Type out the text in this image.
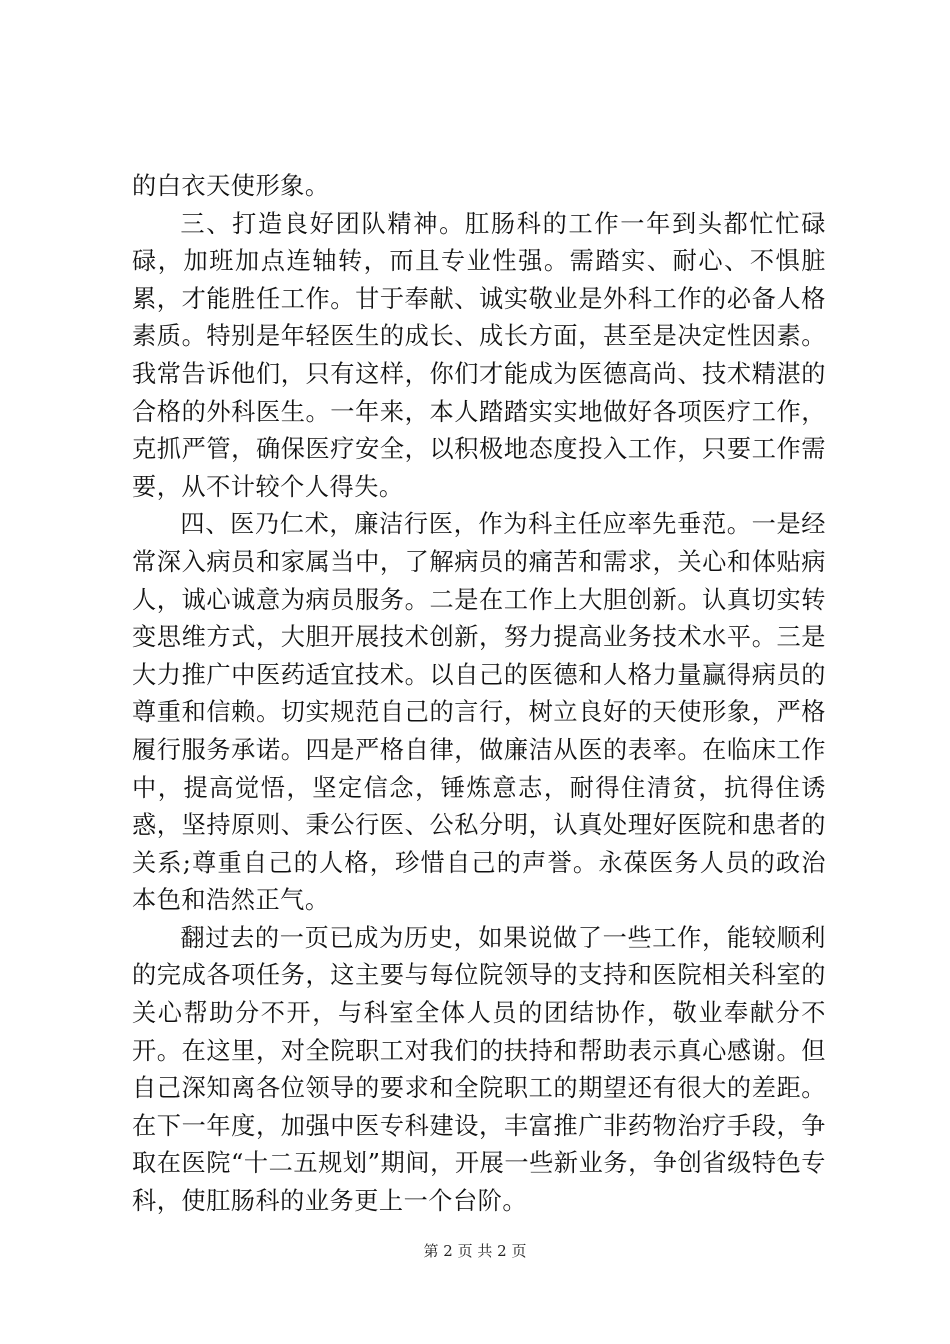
的白衣天使形象。

三、打造良好团队精神。肛肠科的工作一年到头都忙忙碌碌，加班加点连轴转，而且专业性强。需踏实、耐心、不惧脏累，才能胜任工作。甘于奉献、诚实敬业是外科工作的必备人格素质。特别是年轻医生的成长、成长方面，甚至是决定性因素。我常告诉他们，只有这样，你们才能成为医德高尚、技术精湛的合格的外科医生。一年来，本人踏踏实实地做好各项医疗工作，克抓严管，确保医疗安全，以积极地态度投入工作，只要工作需要，从不计较个人得失。

四、医乃仁术，廉洁行医，作为科主任应率先垂范。一是经常深入病员和家属当中，了解病员的痛苦和需求，关心和体贴病人，诚心诚意为病员服务。二是在工作上大胆创新。认真切实转变思维方式，大胆开展技术创新，努力提高业务技术水平。三是大力推广中医药适宜技术。以自己的医德和人格力量赢得病员的尊重和信赖。切实规范自己的言行，树立良好的天使形象，严格履行服务承诺。四是严格自律，做廉洁从医的表率。在临床工作中，提高觉悟，坚定信念，锤炼意志，耐得住清贫，抗得住诱惑，坚持原则、秉公行医、公私分明，认真处理好医院和患者的关系;尊重自己的人格，珍惜自己的声誉。永葆医务人员的政治本色和浩然正气。

翻过去的一页已成为历史，如果说做了一些工作，能较顺利的完成各项任务，这主要与每位院领导的支持和医院相关科室的关心帮助分不开，与科室全体人员的团结协作，敬业奉献分不开。在这里，对全院职工对我们的扶持和帮助表示真心感谢。但自己深知离各位领导的要求和全院职工的期望还有很大的差距。在下一年度，加强中医专科建设，丰富推广非药物治疗手段，争取在医院“十二五规划”期间，开展一些新业务，争创省级特色专科，使肛肠科的业务更上一个台阶。

第 2 页 共 2 页
